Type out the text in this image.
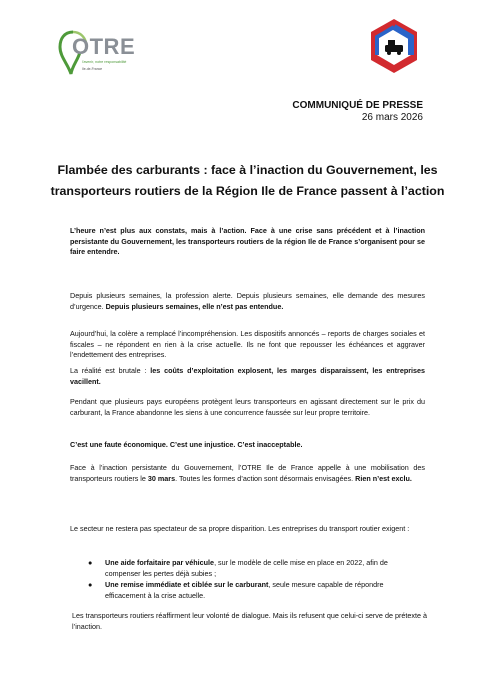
OTRE
l'avenir, notre responsabilité
Ile-de-France
COMMUNIQUÉ DE PRESSE
26 mars 2026
Flambée des carburants : face à l’inaction du Gouvernement, les transporteurs routiers de la Région Ile de France passent à l’action
L’heure n’est plus aux constats, mais à l’action. Face à une crise sans précédent et à l’inaction persistante du Gouvernement, les transporteurs routiers de la région Ile de France s’organisent pour se faire entendre.
Depuis plusieurs semaines, la profession alerte. Depuis plusieurs semaines, elle demande des mesures d’urgence. Depuis plusieurs semaines, elle n’est pas entendue.
Aujourd’hui, la colère a remplacé l’incompréhension. Les dispositifs annoncés – reports de charges sociales et fiscales – ne répondent en rien à la crise actuelle. Ils ne font que repousser les échéances et aggraver l’endettement des entreprises.
La réalité est brutale : les coûts d’exploitation explosent, les marges disparaissent, les entreprises vacillent.
Pendant que plusieurs pays européens protègent leurs transporteurs en agissant directement sur le prix du carburant, la France abandonne les siens à une concurrence faussée sur leur propre territoire.
C’est une faute économique. C’est une injustice. C’est inacceptable.
Face à l’inaction persistante du Gouvernement, l’OTRE Ile de France appelle à une mobilisation des transporteurs routiers le 30 mars. Toutes les formes d’action sont désormais envisagées. Rien n’est exclu.
Le secteur ne restera pas spectateur de sa propre disparition. Les entreprises du transport routier exigent :
● Une aide forfaitaire par véhicule, sur le modèle de celle mise en place en 2022, afin de compenser les pertes déjà subies ;
● Une remise immédiate et ciblée sur le carburant, seule mesure capable de répondre efficacement à la crise actuelle.
Les transporteurs routiers réaffirment leur volonté de dialogue. Mais ils refusent que celui-ci serve de prétexte à l’inaction.
